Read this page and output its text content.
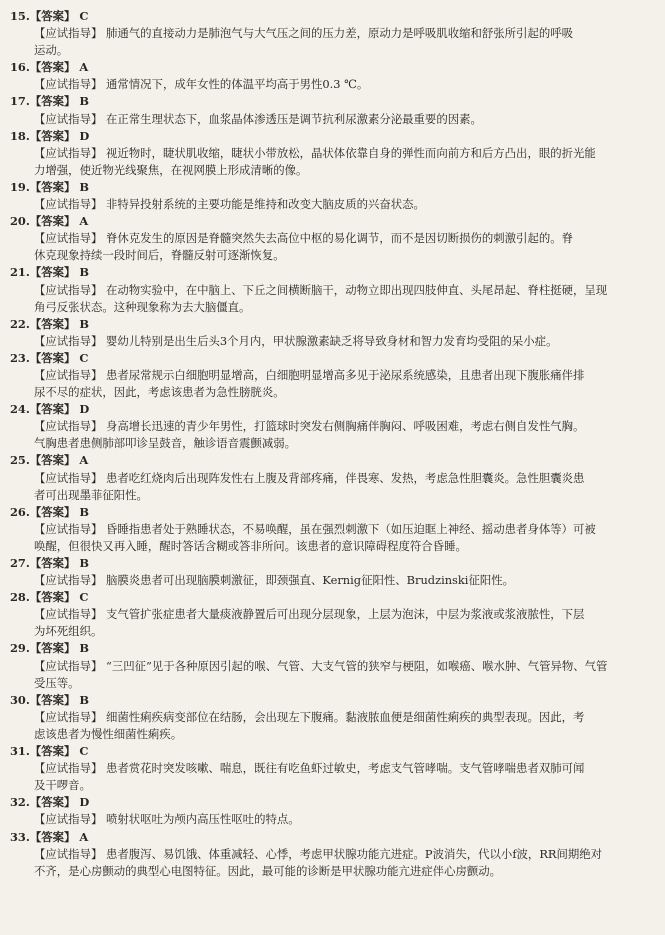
15.【答案】 C
【应试指导】 肺通气的直接动力是肺泡气与大气压之间的压力差，原动力是呼吸肌收缩和舒张所引起的呼吸
运动。
16.【答案】 A
【应试指导】 通常情况下，成年女性的体温平均高于男性0.3 ℃。
17.【答案】 B
【应试指导】 在正常生理状态下，血浆晶体渗透压是调节抗利尿激素分泌最重要的因素。
18.【答案】 D
【应试指导】 视近物时，睫状肌收缩，睫状小带放松，晶状体依靠自身的弹性而向前方和后方凸出，眼的折光能
力增强，使近物光线聚焦，在视网膜上形成清晰的像。
19.【答案】 B
【应试指导】 非特异投射系统的主要功能是维持和改变大脑皮质的兴奋状态。
20.【答案】 A
【应试指导】 脊休克发生的原因是脊髓突然失去高位中枢的易化调节，而不是因切断损伤的刺激引起的。脊
休克现象持续一段时间后，脊髓反射可逐渐恢复。
21.【答案】 B
【应试指导】 在动物实验中，在中脑上、下丘之间横断脑干，动物立即出现四肢伸直、头尾昂起、脊柱挺硬，呈现
角弓反张状态。这种现象称为去大脑僵直。
22.【答案】 B
【应试指导】 婴幼儿特别是出生后头3个月内，甲状腺激素缺乏将导致身材和智力发育均受阻的呆小症。
23.【答案】 C
【应试指导】 患者尿常规示白细胞明显增高，白细胞明显增高多见于泌尿系统感染，且患者出现下腹胀痛伴排
尿不尽的症状，因此，考虑该患者为急性膀胱炎。
24.【答案】 D
【应试指导】 身高增长迅速的青少年男性，打篮球时突发右侧胸痛伴胸闷、呼吸困难，考虑右侧自发性气胸。
气胸患者患侧肺部叩诊呈鼓音，触诊语音震颤减弱。
25.【答案】 A
【应试指导】 患者吃红烧肉后出现阵发性右上腹及背部疼痛，伴畏寒、发热，考虑急性胆囊炎。急性胆囊炎患
者可出现墨菲征阳性。
26.【答案】 B
【应试指导】 昏睡指患者处于熟睡状态，不易唤醒，虽在强烈刺激下（如压迫眶上神经、摇动患者身体等）可被
唤醒，但很快又再入睡，醒时答话含糊或答非所问。该患者的意识障碍程度符合昏睡。
27.【答案】 B
【应试指导】 脑膜炎患者可出现脑膜刺激征，即颈强直、Kernig征阳性、Brudzinski征阳性。
28.【答案】 C
【应试指导】 支气管扩张症患者大量痰液静置后可出现分层现象，上层为泡沫，中层为浆液或浆液脓性，下层
为坏死组织。
29.【答案】 B
【应试指导】 “三凹征”见于各种原因引起的喉、气管、大支气管的狭窄与梗阻，如喉癌、喉水肿、气管异物、气管
受压等。
30.【答案】 B
【应试指导】 细菌性痢疾病变部位在结肠，会出现左下腹痛。黏液脓血便是细菌性痢疾的典型表现。因此，考
虑该患者为慢性细菌性痢疾。
31.【答案】 C
【应试指导】 患者赏花时突发咳嗽、喘息，既往有吃鱼虾过敏史，考虑支气管哮喘。支气管哮喘患者双肺可闻
及干啰音。
32.【答案】 D
【应试指导】 喷射状呕吐为颅内高压性呕吐的特点。
33.【答案】 A
【应试指导】 患者腹泻、易饥饿、体重减轻、心悸，考虑甲状腺功能亢进症。P波消失，代以小f波，RR间期绝对
不齐，是心房颤动的典型心电图特征。因此，最可能的诊断是甲状腺功能亢进症伴心房颤动。
